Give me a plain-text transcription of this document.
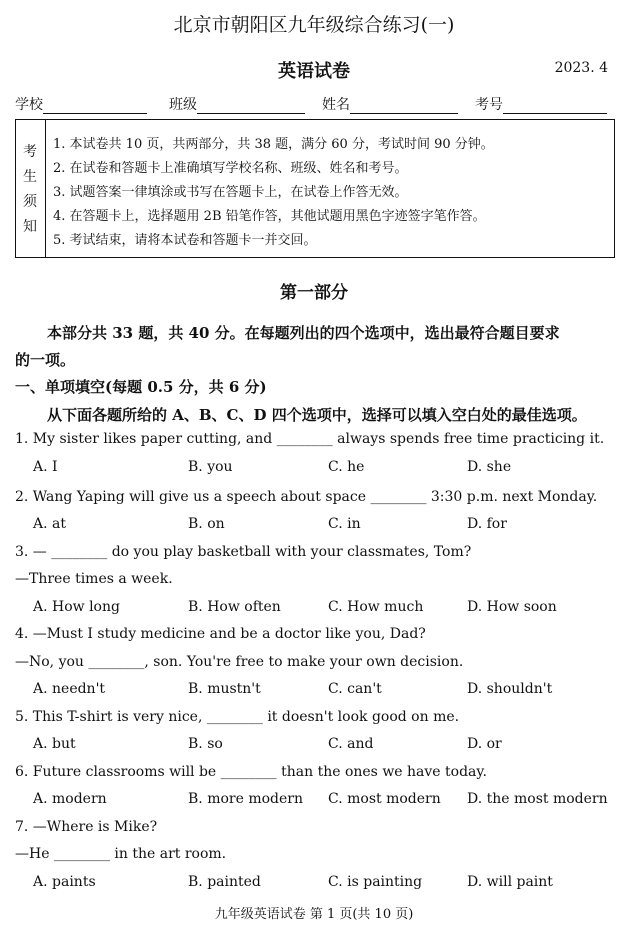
北京市朝阳区九年级综合练习(一)
英语试卷	2023. 4
学校	班级	姓名	考号
考
生
须
知
1. 本试卷共 10 页，共两部分，共 38 题，满分 60 分，考试时间 90 分钟。
2. 在试卷和答题卡上准确填写学校名称、班级、姓名和考号。
3. 试题答案一律填涂或书写在答题卡上，在试卷上作答无效。
4. 在答题卡上，选择题用 2B 铅笔作答，其他试题用黑色字迹签字笔作答。
5. 考试结束，请将本试卷和答题卡一并交回。
第一部分
本部分共 33 题，共 40 分。在每题列出的四个选项中，选出最符合题目要求
的一项。
一、单项填空(每题 0.5 分，共 6 分)
从下面各题所给的 A、B、C、D 四个选项中，选择可以填入空白处的最佳选项。
1. My sister likes paper cutting, and ________ always spends free time practicing it.
A. I	B. you	C. he	D. she
2. Wang Yaping will give us a speech about space ________ 3:30 p.m. next Monday.
A. at	B. on	C. in	D. for
3. — ________ do you play basketball with your classmates, Tom?
—Three times a week.
A. How long	B. How often	C. How much	D. How soon
4. —Must I study medicine and be a doctor like you, Dad?
—No, you ________, son. You're free to make your own decision.
A. needn't	B. mustn't	C. can't	D. shouldn't
5. This T-shirt is very nice, ________ it doesn't look good on me.
A. but	B. so	C. and	D. or
6. Future classrooms will be ________ than the ones we have today.
A. modern	B. more modern C. most modern D. the most modern
7. —Where is Mike?
—He ________ in the art room.
A. paints	B. painted	C. is painting	D. will paint
九年级英语试卷 第 1 页(共 10 页)
